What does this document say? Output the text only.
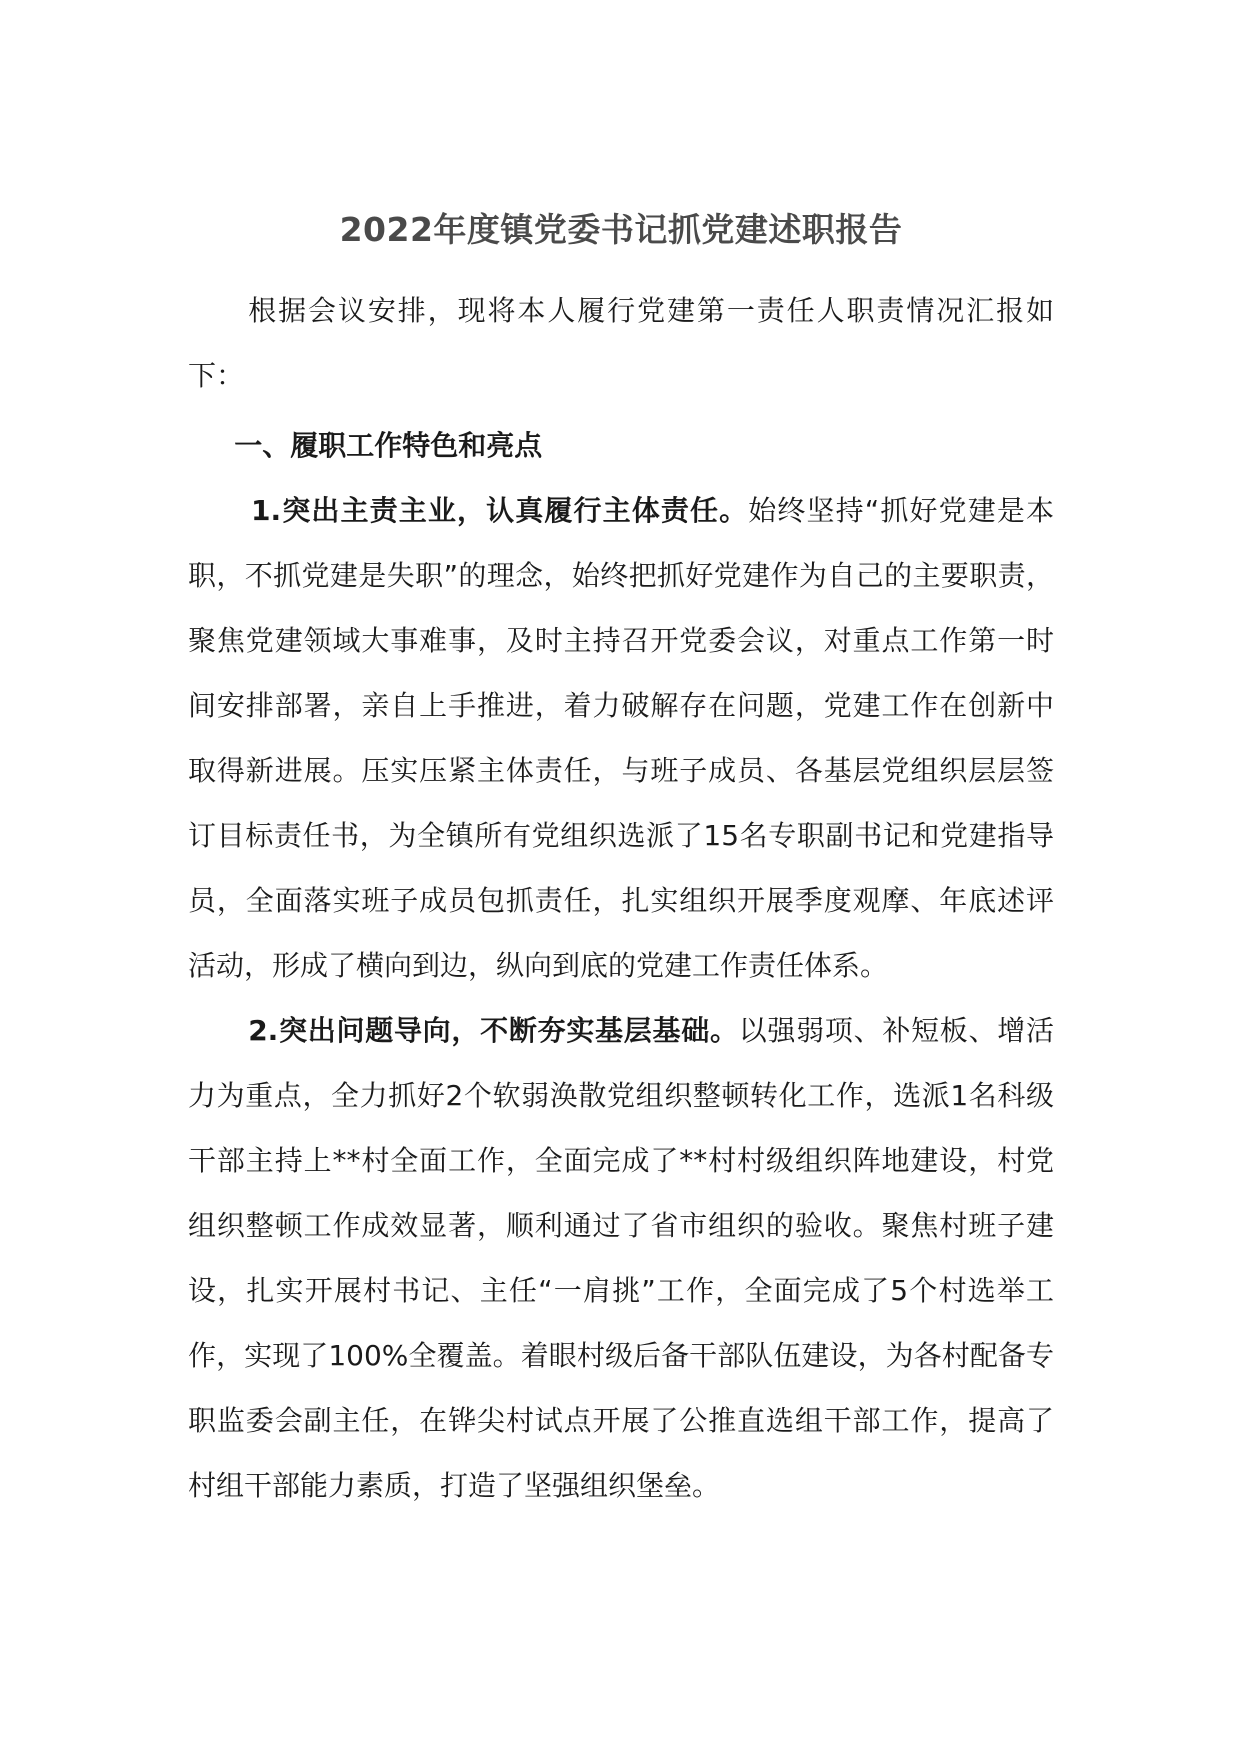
2022年度镇党委书记抓党建述职报告

根据会议安排，现将本人履行党建第一责任人职责情况汇报如下：

一、履职工作特色和亮点

1.突出主责主业，认真履行主体责任。始终坚持“抓好党建是本职，不抓党建是失职”的理念，始终把抓好党建作为自己的主要职责，聚焦党建领域大事难事，及时主持召开党委会议，对重点工作第一时间安排部署，亲自上手推进，着力破解存在问题，党建工作在创新中取得新进展。压实压紧主体责任，与班子成员、各基层党组织层层签订目标责任书，为全镇所有党组织选派了15名专职副书记和党建指导员，全面落实班子成员包抓责任，扎实组织开展季度观摩、年底述评活动，形成了横向到边，纵向到底的党建工作责任体系。

2.突出问题导向，不断夯实基层基础。以强弱项、补短板、增活力为重点，全力抓好2个软弱涣散党组织整顿转化工作，选派1名科级干部主持上**村全面工作，全面完成了**村村级组织阵地建设，村党组织整顿工作成效显著，顺利通过了省市组织的验收。聚焦村班子建设，扎实开展村书记、主任“一肩挑”工作，全面完成了5个村选举工作，实现了100%全覆盖。着眼村级后备干部队伍建设，为各村配备专职监委会副主任，在铧尖村试点开展了公推直选组干部工作，提高了村组干部能力素质，打造了坚强组织堡垒。
